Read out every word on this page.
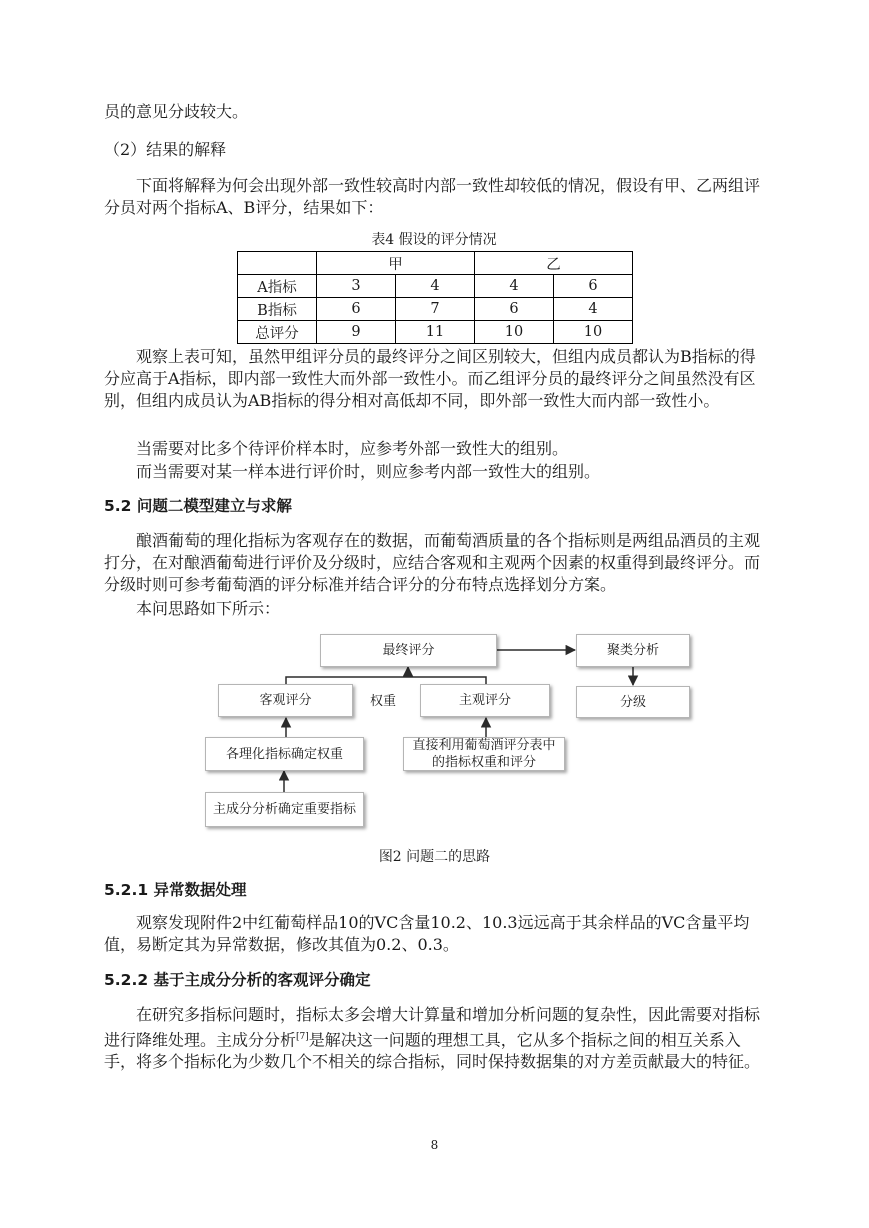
员的意见分歧较大。
（2）结果的解释
下面将解释为何会出现外部一致性较高时内部一致性却较低的情况，假设有甲、乙两组评分员对两个指标A、B评分，结果如下：
表4 假设的评分情况
	甲		乙	
A指标	3	4	4	6
B指标	6	7	6	4
总评分	9	11	10	10
观察上表可知，虽然甲组评分员的最终评分之间区别较大，但组内成员都认为B指标的得分应高于A指标，即内部一致性大而外部一致性小。而乙组评分员的最终评分之间虽然没有区别，但组内成员认为AB指标的得分相对高低却不同，即外部一致性大而内部一致性小。
当需要对比多个待评价样本时，应参考外部一致性大的组别。
而当需要对某一样本进行评价时，则应参考内部一致性大的组别。
5.2 问题二模型建立与求解
酿酒葡萄的理化指标为客观存在的数据，而葡萄酒质量的各个指标则是两组品酒员的主观打分，在对酿酒葡萄进行评价及分级时，应结合客观和主观两个因素的权重得到最终评分。而分级时则可参考葡萄酒的评分标准并结合评分的分布特点选择划分方案。
本问思路如下所示：
最终评分	聚类分析
客观评分	权重	主观评分	分级
各理化指标确定权重
直接利用葡萄酒评分表中的指标权重和评分
主成分分析确定重要指标
图2 问题二的思路
5.2.1 异常数据处理
观察发现附件2中红葡萄样品10的VC含量10.2、10.3远远高于其余样品的VC含量平均值，易断定其为异常数据，修改其值为0.2、0.3。
5.2.2 基于主成分分析的客观评分确定
在研究多指标问题时，指标太多会增大计算量和增加分析问题的复杂性，因此需要对指标进行降维处理。主成分分析[7]是解决这一问题的理想工具，它从多个指标之间的相互关系入手，将多个指标化为少数几个不相关的综合指标，同时保持数据集的对方差贡献最大的特征。
8
